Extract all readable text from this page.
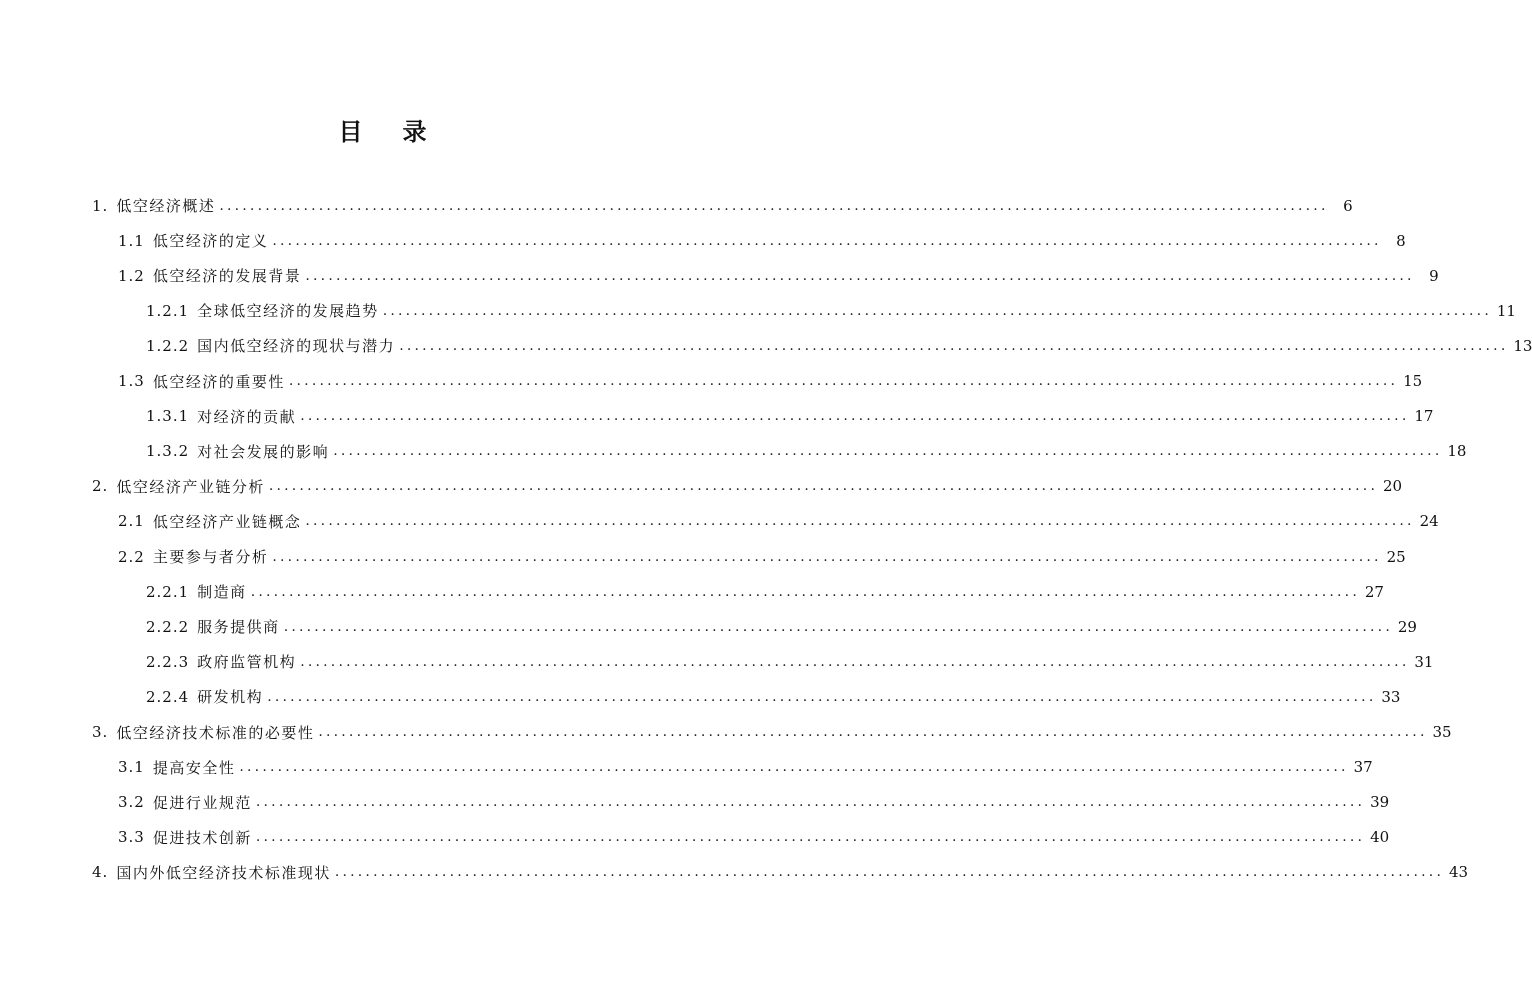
目 录
1. 低空经济概述 ................................................................................................................................................. 6
1.1 低空经济的定义 ................................................................................................................................................. 8
1.2 低空经济的发展背景 ................................................................................................................................................. 9
1.2.1 全球低空经济的发展趋势 ................................................................................................................................................. 11
1.2.2 国内低空经济的现状与潜力 ................................................................................................................................................. 13
1.3 低空经济的重要性 ................................................................................................................................................. 15
1.3.1 对经济的贡献 ................................................................................................................................................. 17
1.3.2 对社会发展的影响 ................................................................................................................................................. 18
2. 低空经济产业链分析 ................................................................................................................................................. 20
2.1 低空经济产业链概念 ................................................................................................................................................. 24
2.2 主要参与者分析 ................................................................................................................................................. 25
2.2.1 制造商 ................................................................................................................................................. 27
2.2.2 服务提供商 ................................................................................................................................................. 29
2.2.3 政府监管机构 ................................................................................................................................................. 31
2.2.4 研发机构 ................................................................................................................................................. 33
3. 低空经济技术标准的必要性 ................................................................................................................................................. 35
3.1 提高安全性 ................................................................................................................................................. 37
3.2 促进行业规范 ................................................................................................................................................. 39
3.3 促进技术创新 ................................................................................................................................................. 40
4. 国内外低空经济技术标准现状 ................................................................................................................................................. 43
